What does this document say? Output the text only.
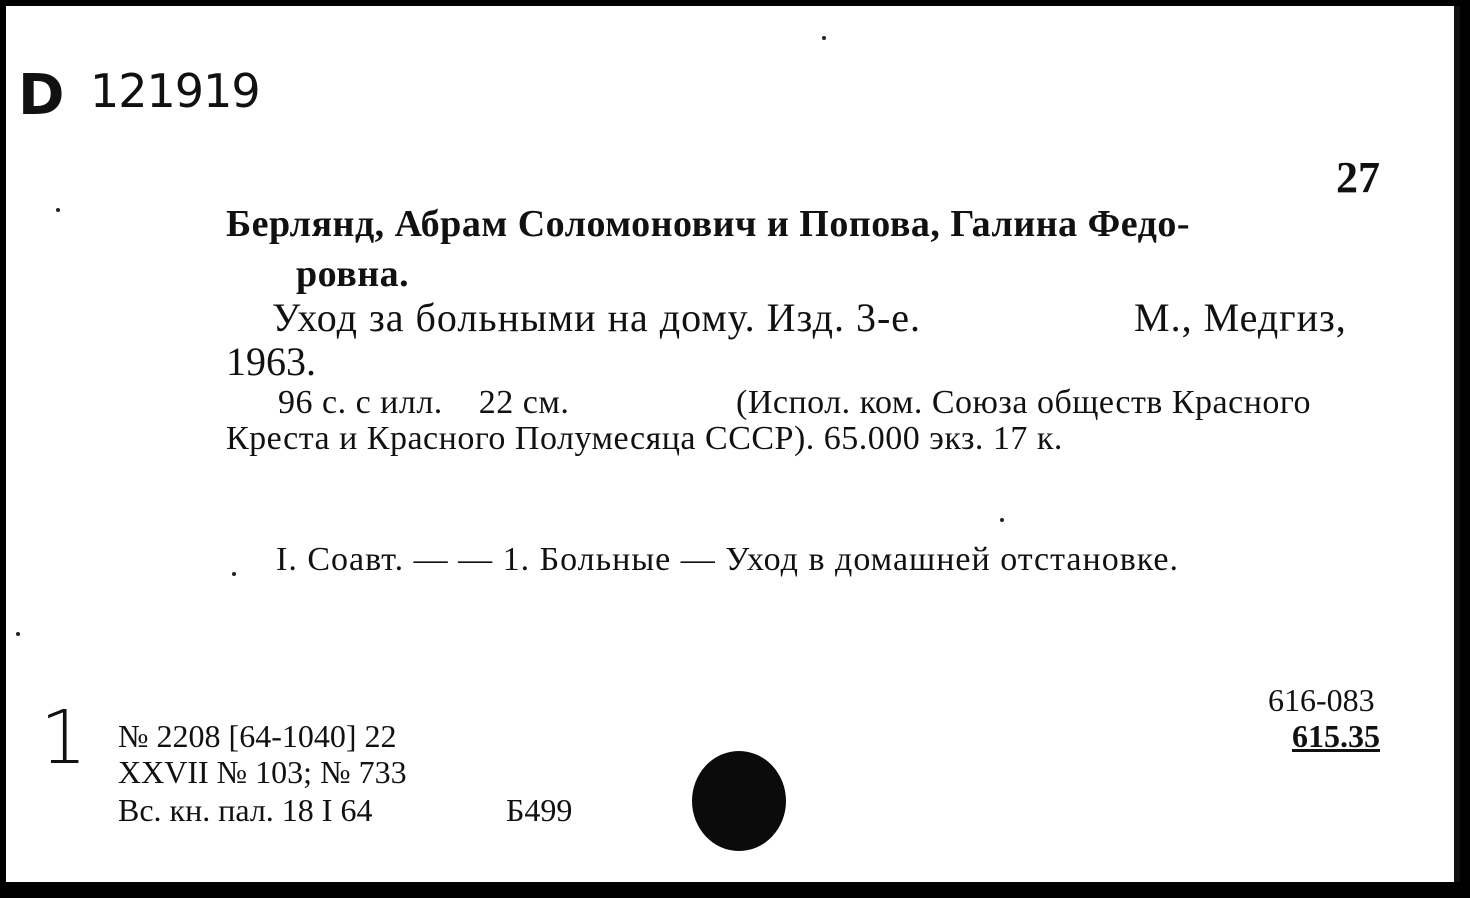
D 121919
27
Берлянд, Абрам Соломонович и Попова, Галина Федо-
ровна.
Уход за больными на дому. Изд. 3-е.	М., Медгиз,
1963.
96 с. с илл.    22 см.	(Испол. ком. Союза обществ Красного
Креста и Красного Полумесяца СССР). 65.000 экз. 17 к.
I. Соавт. — — 1. Больные — Уход в домашней отстановке.
616-083
615.35
1 № 2208 [64-1040] 22
XXVII № 103; № 733
Вс. кн. пал. 18 I 64	Б499
